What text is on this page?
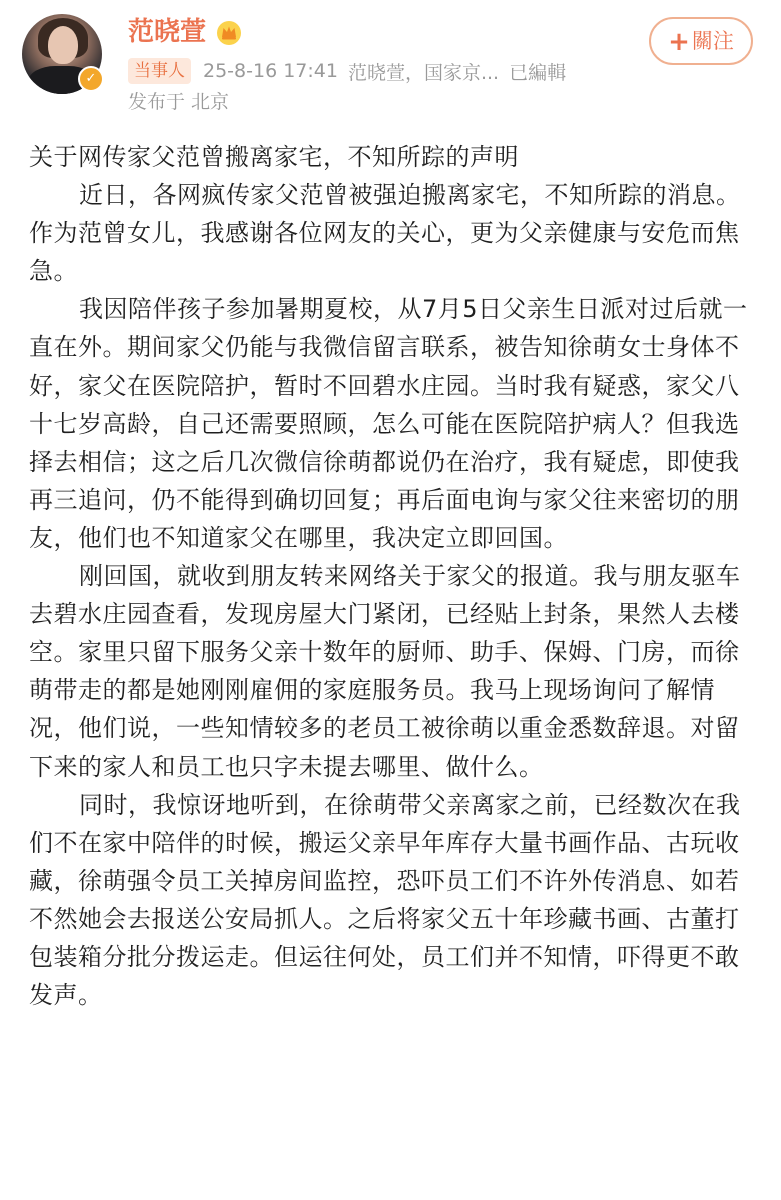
✓
范晓萱	+關注
当事人 25-8-16 17:41 范晓萱，国家京... 已編輯
发布于 北京

关于网传家父范曾搬离家宅，不知所踪的声明

近日，各网疯传家父范曾被强迫搬离家宅，不知所踪的消息。作为范曾女儿，我感谢各位网友的关心，更为父亲健康与安危而焦急。

我因陪伴孩子参加暑期夏校，从7月5日父亲生日派对过后就一直在外。期间家父仍能与我微信留言联系，被告知徐萌女士身体不好，家父在医院陪护，暂时不回碧水庄园。当时我有疑惑，家父八十七岁高龄，自己还需要照顾，怎么可能在医院陪护病人？但我选择去相信；这之后几次微信徐萌都说仍在治疗，我有疑虑，即使我再三追问，仍不能得到确切回复；再后面电询与家父往来密切的朋友，他们也不知道家父在哪里，我决定立即回国。

刚回国，就收到朋友转来网络关于家父的报道。我与朋友驱车去碧水庄园查看，发现房屋大门紧闭，已经贴上封条，果然人去楼空。家里只留下服务父亲十数年的厨师、助手、保姆、门房，而徐萌带走的都是她刚刚雇佣的家庭服务员。我马上现场询问了解情况，他们说，一些知情较多的老员工被徐萌以重金悉数辞退。对留下来的家人和员工也只字未提去哪里、做什么。

同时，我惊讶地听到，在徐萌带父亲离家之前，已经数次在我们不在家中陪伴的时候，搬运父亲早年库存大量书画作品、古玩收藏，徐萌强令员工关掉房间监控，恐吓员工们不许外传消息、如若不然她会去报送公安局抓人。之后将家父五十年珍藏书画、古董打包装箱分批分拨运走。但运往何处，员工们并不知情，吓得更不敢发声。
